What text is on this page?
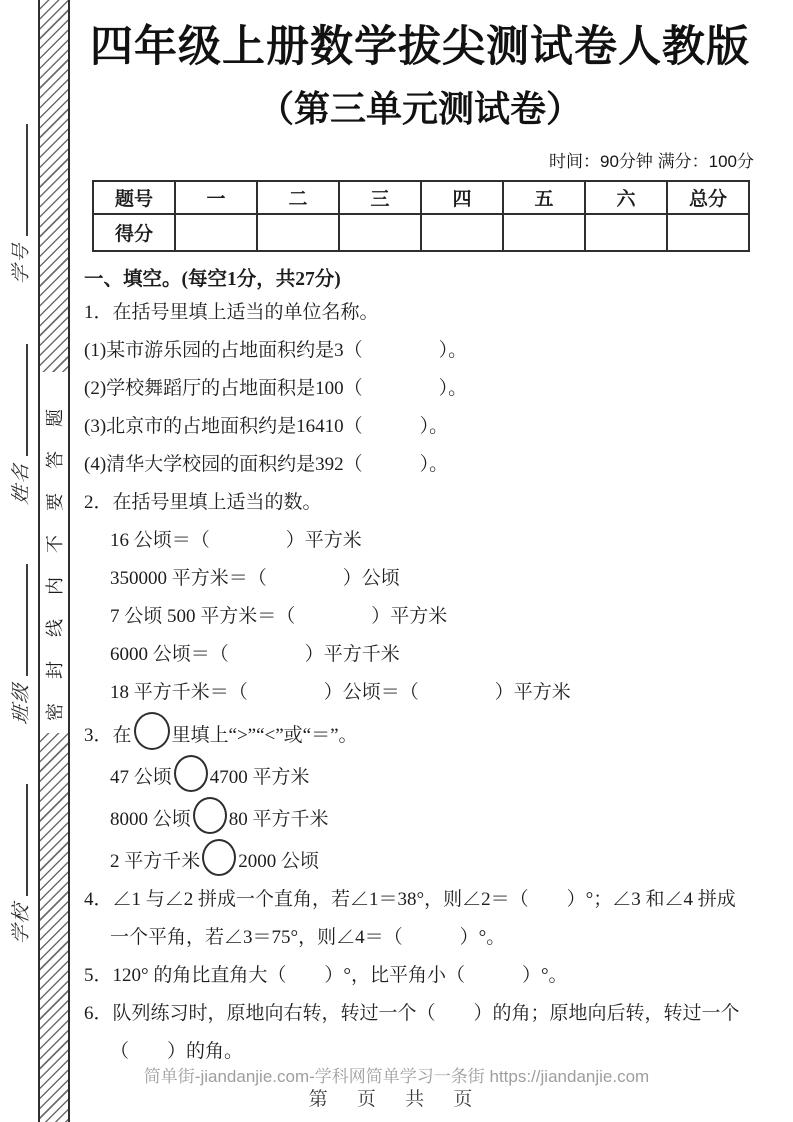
学校
班级
姓名
学号
密封线内不要答题
四年级上册数学拔尖测试卷人教版
（第三单元测试卷）
时间：90分钟 满分：100分
题号	一	二	三	四	五	六	总分
得分							
一、填空。(每空1分，共27分)
1．在括号里填上适当的单位名称。
(1)某市游乐园的占地面积约是3（　　　　）。
(2)学校舞蹈厅的占地面积是100（　　　　）。
(3)北京市的占地面积约是16410（　　　）。
(4)清华大学校园的面积约是392（　　　）。
2．在括号里填上适当的数。
16 公顷＝（　　　　）平方米
350000 平方米＝（　　　　）公顷
7 公顷 500 平方米＝（　　　　）平方米
6000 公顷＝（　　　　）平方千米
18 平方千米＝（　　　　）公顷＝（　　　　）平方米
3．在 里填上“>”“<”或“＝”。
47 公顷 4700 平方米
8000 公顷 80 平方千米
2 平方千米 2000 公顷
4．∠1 与∠2 拼成一个直角，若∠1＝38°，则∠2＝（　　）°；∠3 和∠4 拼成
一个平角，若∠3＝75°，则∠4＝（　　　）°。
5．120° 的角比直角大（　　）°，比平角小（　　　）°。
6．队列练习时，原地向右转，转过一个（　　）的角；原地向后转，转过一个
（　　）的角。
简单街-jiandanjie.com-学科网简单学习一条街 https://jiandanjie.com
第 页 共 页
